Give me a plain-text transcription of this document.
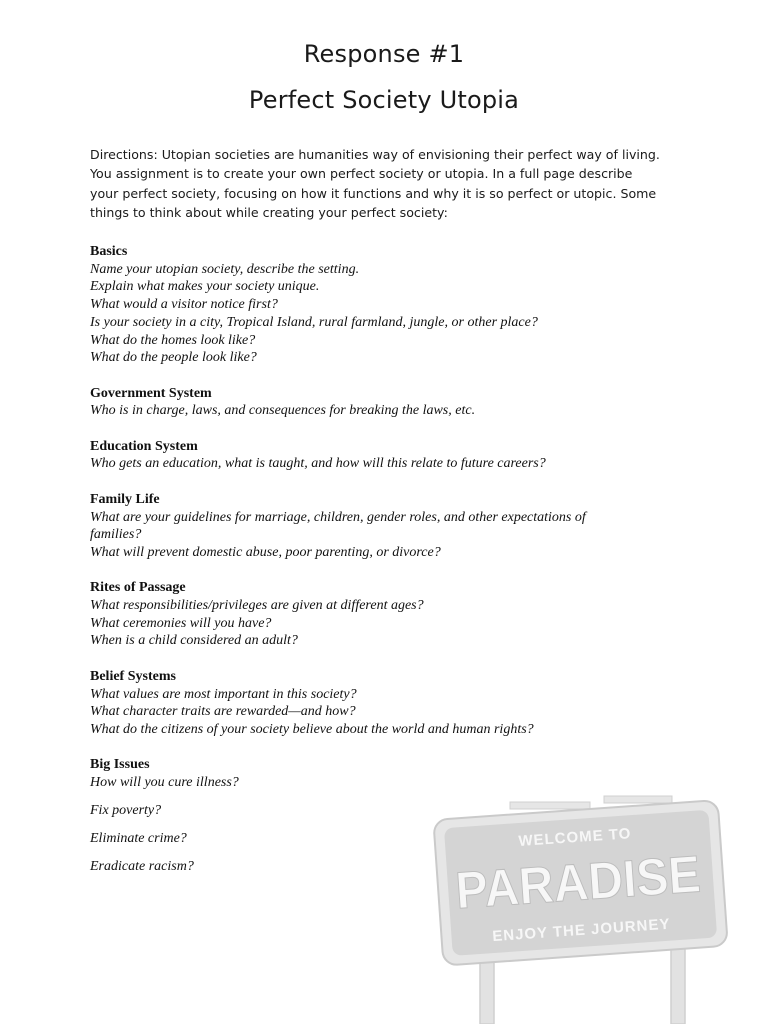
Response #1
Perfect Society Utopia
Directions: Utopian societies are humanities way of envisioning their perfect way of living.
You assignment is to create your own perfect society or utopia. In a full page describe
your perfect society, focusing on how it functions and why it is so perfect or utopic. Some
things to think about while creating your perfect society:
Basics
Name your utopian society, describe the setting.
Explain what makes your society unique.
What would a visitor notice first?
Is your society in a city, Tropical Island, rural farmland, jungle, or other place?
What do the homes look like?
What do the people look like?
Government System
Who is in charge, laws, and consequences for breaking the laws, etc.
Education System
Who gets an education, what is taught, and how will this relate to future careers?
Family Life
What are your guidelines for marriage, children, gender roles, and other expectations of families?
What will prevent domestic abuse, poor parenting, or divorce?
Rites of Passage
What responsibilities/privileges are given at different ages?
What ceremonies will you have?
When is a child considered an adult?
Belief Systems
What values are most important in this society?
What character traits are rewarded—and how?
What do the citizens of your society believe about the world and human rights?
Big Issues
How will you cure illness?
Fix poverty?
Eliminate crime?
Eradicate racism?
WELCOME TO
PARADISE
ENJOY THE JOURNEY
